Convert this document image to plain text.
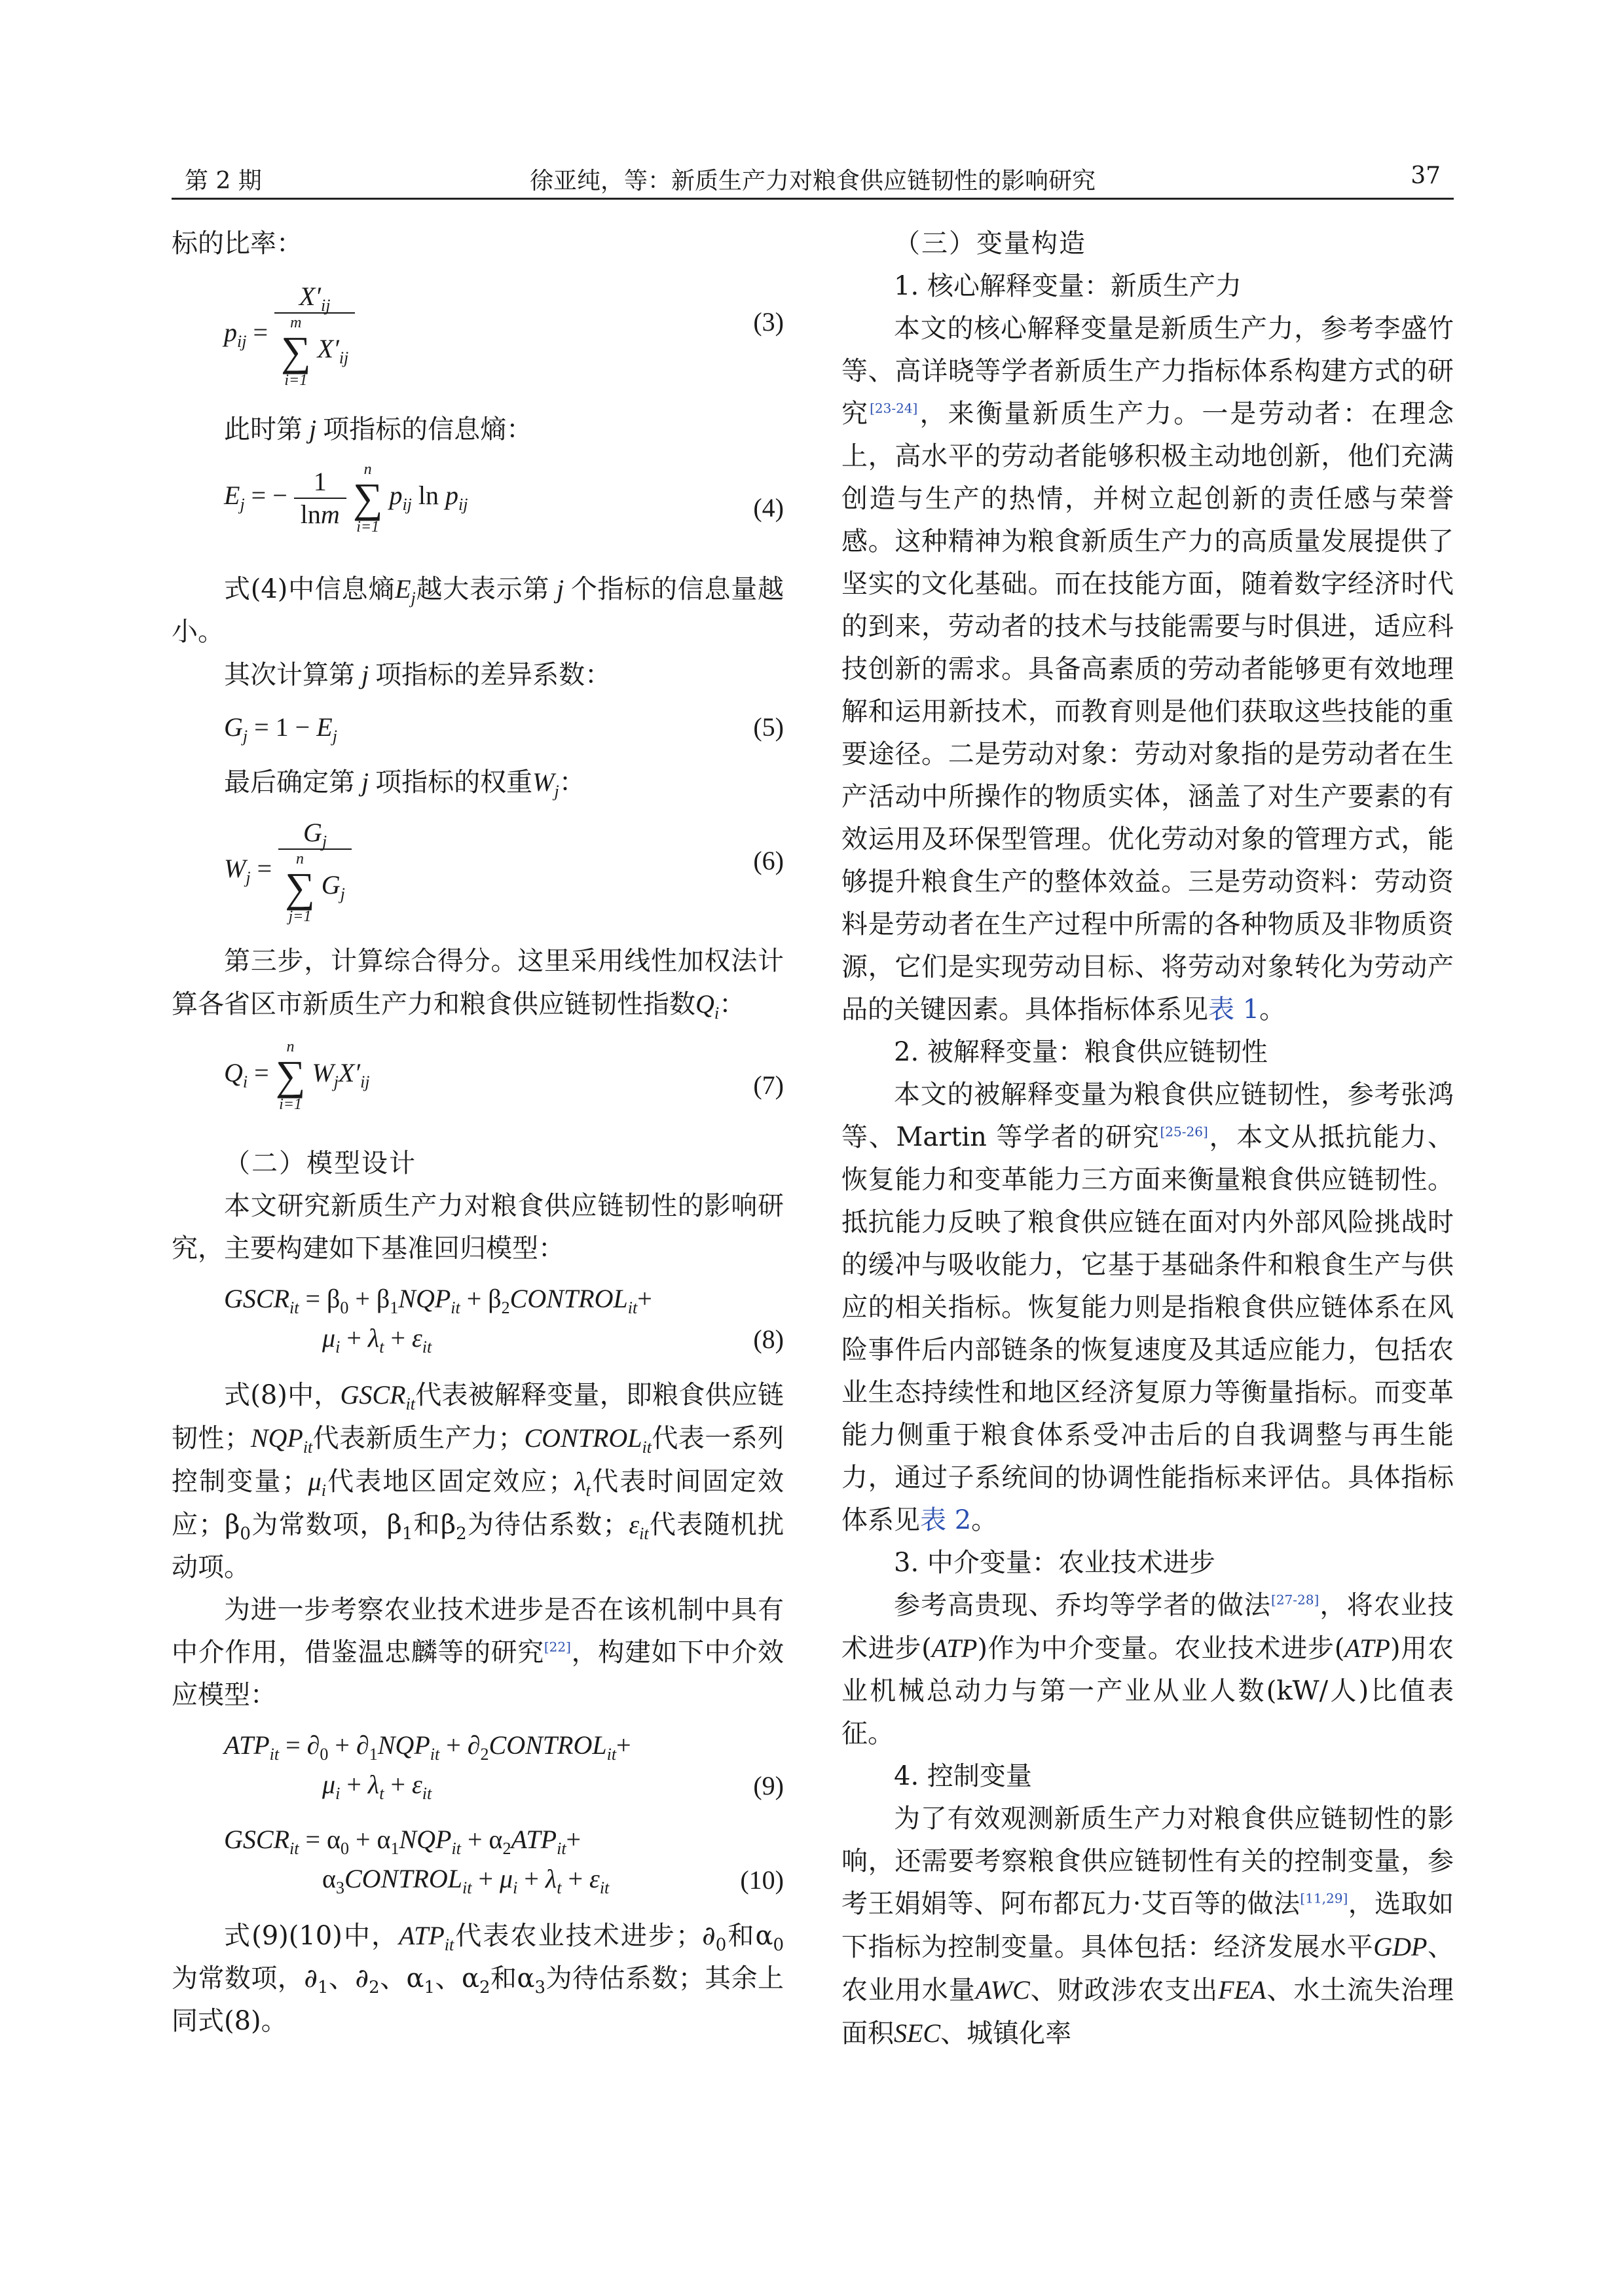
第 2 期	徐亚纯，等：新质生产力对粮食供应链韧性的影响研究	37

标的比率：

$p_{ij} = X'_{ij}$
m
∑
i=1
$X'_{ij}$	(3)

此时第 j 项指标的信息熵：

$E_j$ = − $\frac{1}{\ln m}$
	n
∑
i=1
$p_{ij}$ $\ln p_{ij}$	(4)

式(4)中信息熵$E_j$越大表示第 j 个指标的信息量越小。

其次计算第 j 项指标的差异系数：

$G_j = 1 - E_j$	(5)

最后确定第 j 项指标的权重$W_j$：

$W_j = G_j$
n
∑
j=1
$G_j$	(6)

第三步，计算综合得分。这里采用线性加权法计算各省区市新质生产力和粮食供应链韧性指数$Q_i$：

$Q_i$ =
n
∑
i=1
$W_jX'_{ij}$	(7)

（二）模型设计

本文研究新质生产力对粮食供应链韧性的影响研究，主要构建如下基准回归模型：

$GSCR_{it} = \beta_0 + \beta_1NQP_{it}$ + $\beta_2CONTROL_{it}+$
$\mu_i + \lambda_t + \varepsilon_{it}$	(8)

式(8)中，$GSCR_{it}$代表被解释变量，即粮食供应链韧性；$NQP_{it}$代表新质生产力；$CONTROL_{it}$代表一系列控制变量；$\mu_i$代表地区固定效应；$\lambda_t$代表时间固定效应；$\beta_0$为常数项，$\beta_1$和$\beta_2$为待估系数；$\varepsilon_{it}$代表随机扰动项。

为进一步考察农业技术进步是否在该机制中具有中介作用，借鉴温忠麟等的研究[22]，构建如下中介效应模型：

$ATP_{it} = \partial_0 + \partial_1NQP_{it}$ + $\partial_2CONTROL_{it}+$
$\mu_i + \lambda_t + \varepsilon_{it}$	(9)
$GSCR_{it} = \alpha_0 + \alpha_1NQP_{it} + \alpha_2ATP_{it}+$
$\alpha_3CONTROL_{it} + \mu_i + \lambda_t + \varepsilon_{it}$	(10)

式(9)(10)中，$ATP_{it}$代表农业技术进步；$\partial_0$和$\alpha_0$为常数项，$\partial_1$、$\partial_2$、$\alpha_1$、$\alpha_2$和$\alpha_3$为待估系数；其余上同式(8)。

（三）变量构造

1. 核心解释变量：新质生产力

本文的核心解释变量是新质生产力，参考李盛竹等、高详晓等学者新质生产力指标体系构建方式的研究[23-24]，来衡量新质生产力。一是劳动者：在理念上，高水平的劳动者能够积极主动地创新，他们充满创造与生产的热情，并树立起创新的责任感与荣誉感。这种精神为粮食新质生产力的高质量发展提供了坚实的文化基础。而在技能方面，随着数字经济时代的到来，劳动者的技术与技能需要与时俱进，适应科技创新的需求。具备高素质的劳动者能够更有效地理解和运用新技术，而教育则是他们获取这些技能的重要途径。二是劳动对象：劳动对象指的是劳动者在生产活动中所操作的物质实体，涵盖了对生产要素的有效运用及环保型管理。优化劳动对象的管理方式，能够提升粮食生产的整体效益。三是劳动资料：劳动资料是劳动者在生产过程中所需的各种物质及非物质资源，它们是实现劳动目标、将劳动对象转化为劳动产品的关键因素。具体指标体系见表 1。

2. 被解释变量：粮食供应链韧性

本文的被解释变量为粮食供应链韧性，参考张鸿等、Martin 等学者的研究[25-26]，本文从抵抗能力、恢复能力和变革能力三方面来衡量粮食供应链韧性。抵抗能力反映了粮食供应链在面对内外部风险挑战时的缓冲与吸收能力，它基于基础条件和粮食生产与供应的相关指标。恢复能力则是指粮食供应链体系在风险事件后内部链条的恢复速度及其适应能力，包括农业生态持续性和地区经济复原力等衡量指标。而变革能力侧重于粮食体系受冲击后的自我调整与再生能力，通过子系统间的协调性能指标来评估。具体指标体系见表 2。

3. 中介变量：农业技术进步

参考高贵现、乔均等学者的做法[27-28]，将农业技术进步(ATP)作为中介变量。农业技术进步(ATP)用农业机械总动力与第一产业从业人数(kW/人)比值表征。

4. 控制变量

为了有效观测新质生产力对粮食供应链韧性的影响，还需要考察粮食供应链韧性有关的控制变量，参考王娟娟等、阿布都瓦力·艾百等的做法[11,29]，选取如下指标为控制变量。具体包括：经济发展水平GDP、农业用水量AWC、财政涉农支出FEA、水土流失治理面积SEC、城镇化率
